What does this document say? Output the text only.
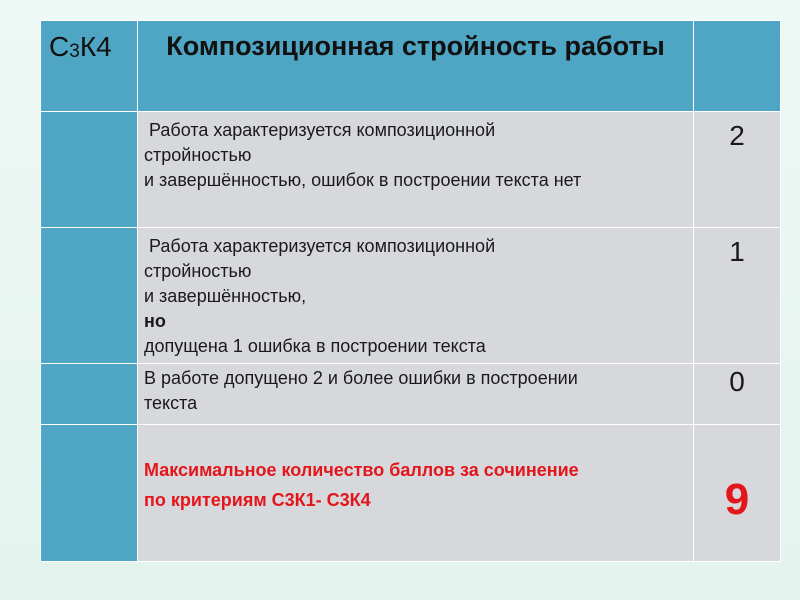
C3К4	Композиционная стройность работы	

	Работа характеризуется композиционной
стройностью
и завершённостью, ошибок в построении текста нет	2

	Работа характеризуется композиционной
стройностью
и завершённостью,
но
допущена 1 ошибка в построении текста	1

	В работе допущено 2 и более ошибки в построении
текста	0

	Максимальное количество баллов за сочинение
по критериям С3К1- С3К4	9
